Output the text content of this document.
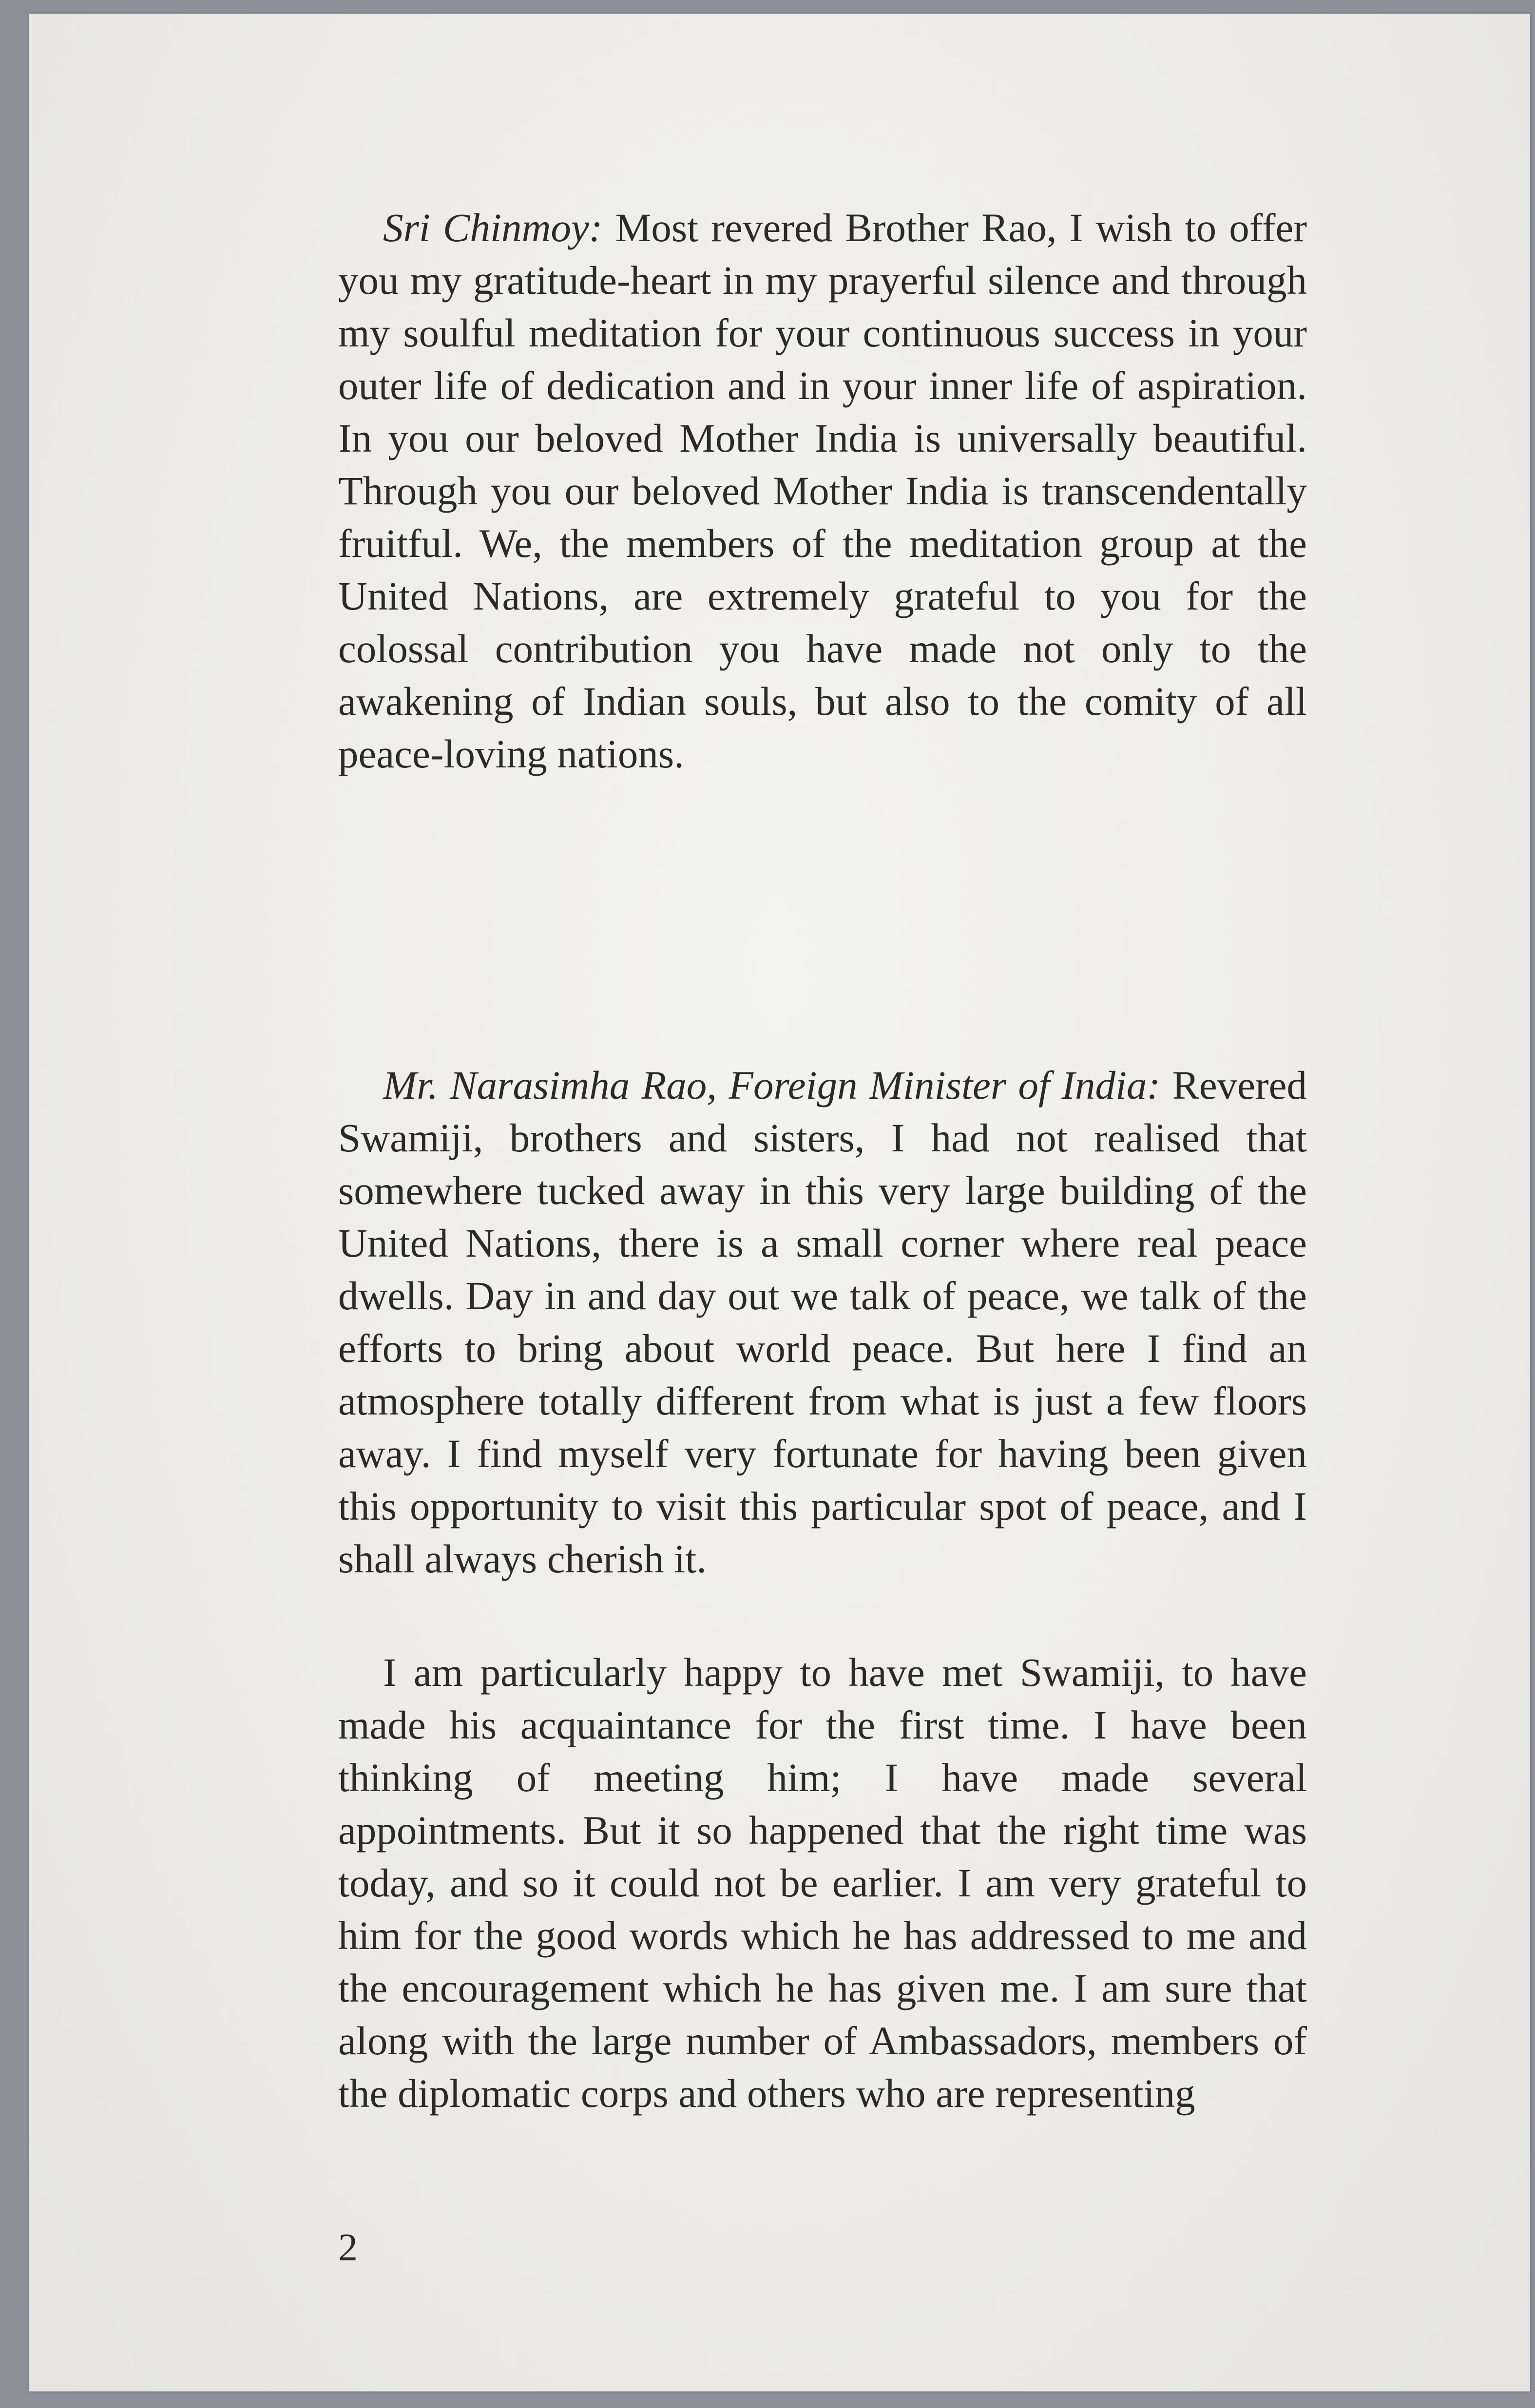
Sri Chinmoy: Most revered Brother Rao, I wish to offer you my gratitude-heart in my prayerful silence and through my soulful meditation for your continuous success in your outer life of dedication and in your inner life of aspiration. In you our beloved Mother India is universally beautiful. Through you our beloved Mother India is transcendentally fruitful. We, the members of the meditation group at the United Nations, are extremely grateful to you for the colossal contribution you have made not only to the awakening of Indian souls, but also to the comity of all peace-loving nations.

Mr. Narasimha Rao, Foreign Minister of India: Revered Swamiji, brothers and sisters, I had not realised that somewhere tucked away in this very large building of the United Nations, there is a small corner where real peace dwells. Day in and day out we talk of peace, we talk of the efforts to bring about world peace. But here I find an atmosphere totally different from what is just a few floors away. I find myself very fortunate for having been given this opportunity to visit this particular spot of peace, and I shall always cherish it.

I am particularly happy to have met Swamiji, to have made his acquaintance for the first time. I have been thinking of meeting him; I have made several appointments. But it so happened that the right time was today, and so it could not be earlier. I am very grateful to him for the good words which he has addressed to me and the encouragement which he has given me. I am sure that along with the large number of Ambassadors, members of the diplomatic corps and others who are representing

2
